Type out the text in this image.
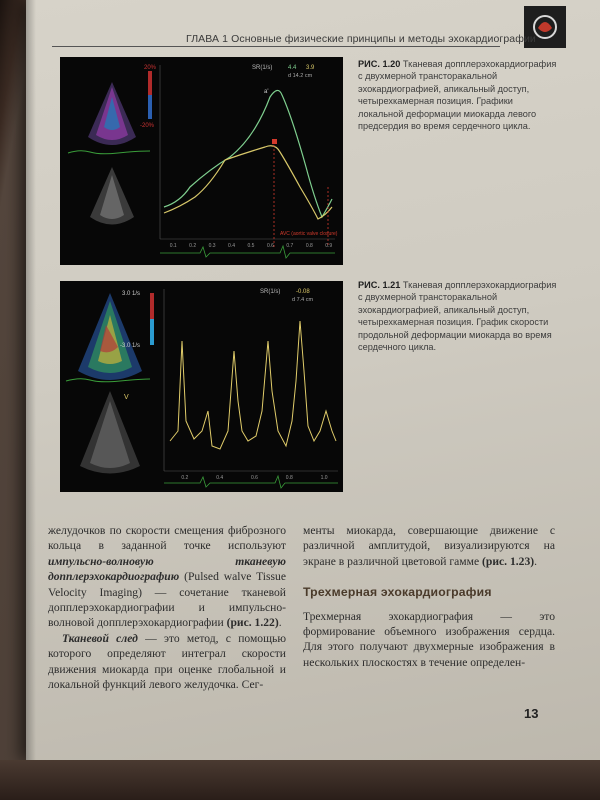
ГЛАВА 1 Основные физические принципы и методы эхокардиографии
20%
-20%
SR(1/s)	4.4 3.9
d 14.2 cm
a'
AVC (aortic valve closure)
0.1 0.2 0.3 0.4 0.5 0.6 0.7 0.8 0.9
РИС. 1.20 Тканевая допплерэхокардиография с двухмерной трансторакальной эхокардиографией, апикальный доступ, четырехкамерная позиция. Графики локальной деформации миокарда левого предсердия во время сердечного цикла.
3.0 1/s
-3.0 1/s
V
SR(1/s)	-0.08
d 7.4 cm
0.2	0.4	0.6	0.8	1.0
РИС. 1.21 Тканевая допплерэхокардиография с двухмерной трансторакальной эхокардиографией, апикальный доступ, четырехкамерная позиция. График скорости продольной деформации миокарда во время сердечного цикла.

желудочков по скорости смещения фиброзного кольца в заданной точке используют импульсно-волновую тканевую допплерэхокардиографию (Pulsed walve Tissue Velocity Imaging) — сочетание тканевой допплерэхокардиографии и импульсно-волновой допплерэхокардиографии (рис. 1.22).

Тканевой след — это метод, с помощью которого определяют интеграл скорости движения миокарда при оценке глобальной и локальной функций левого желудочка. Сег-

менты миокарда, совершающие движение с различной амплитудой, визуализируются на экране в различной цветовой гамме (рис. 1.23).

Трехмерная эхокардиография

Трехмерная эхокардиография — это формирование объемного изображения сердца. Для этого получают двухмерные изображения в нескольких плоскостях в течение определен-

13
